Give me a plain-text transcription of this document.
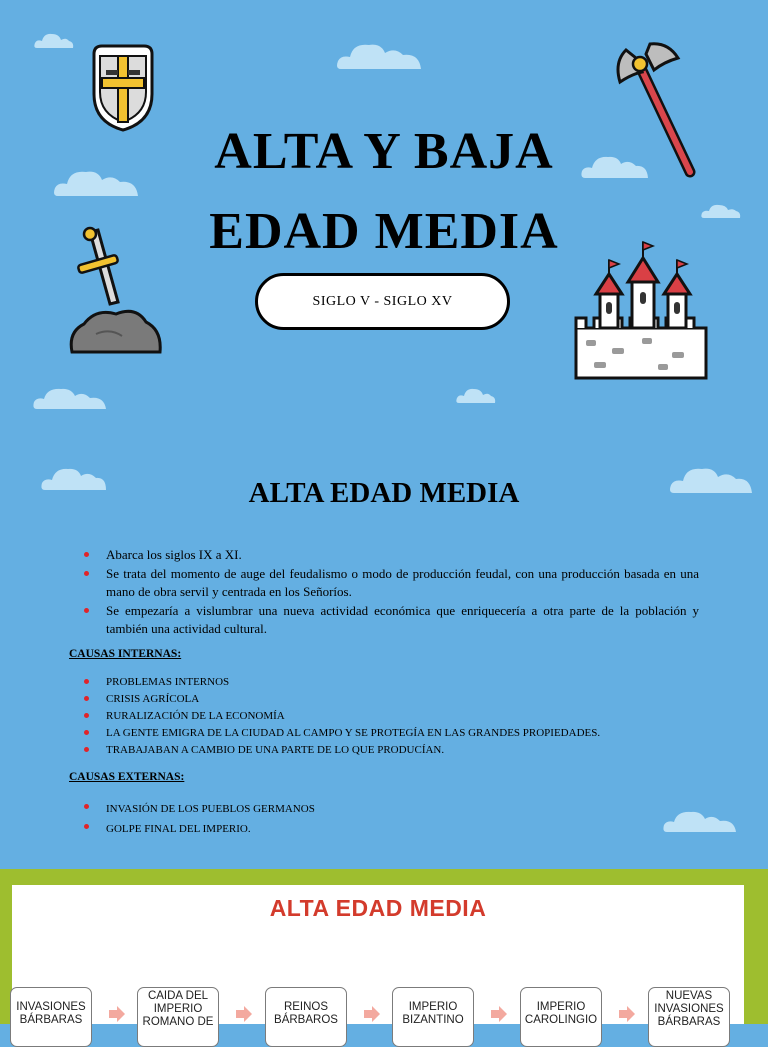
ALTA Y BAJA
EDAD MEDIA
SIGLO V - SIGLO XV
ALTA EDAD MEDIA
Abarca los siglos IX a XI.
Se trata del momento de auge del feudalismo o modo de producción feudal, con una producción basada en una mano de obra servil y centrada en los Señoríos.
Se empezaría a vislumbrar una nueva actividad económica que enriquecería a otra parte de la población y también una actividad cultural.
CAUSAS INTERNAS:
PROBLEMAS INTERNOS
CRISIS AGRÍCOLA
RURALIZACIÓN DE LA ECONOMÍA
LA GENTE EMIGRA DE LA CIUDAD AL CAMPO Y SE PROTEGÍA EN LAS GRANDES PROPIEDADES.
TRABAJABAN A CAMBIO DE UNA PARTE DE LO QUE PRODUCÍAN.
CAUSAS EXTERNAS:
INVASIÓN DE LOS PUEBLOS GERMANOS
GOLPE FINAL DEL IMPERIO.
ALTA EDAD MEDIA
INVASIONES BÁRBARAS
CAIDA DEL IMPERIO ROMANO DE
REINOS BÁRBAROS
IMPERIO BIZANTINO
IMPERIO CAROLINGIO
NUEVAS INVASIONES BÁRBARAS
